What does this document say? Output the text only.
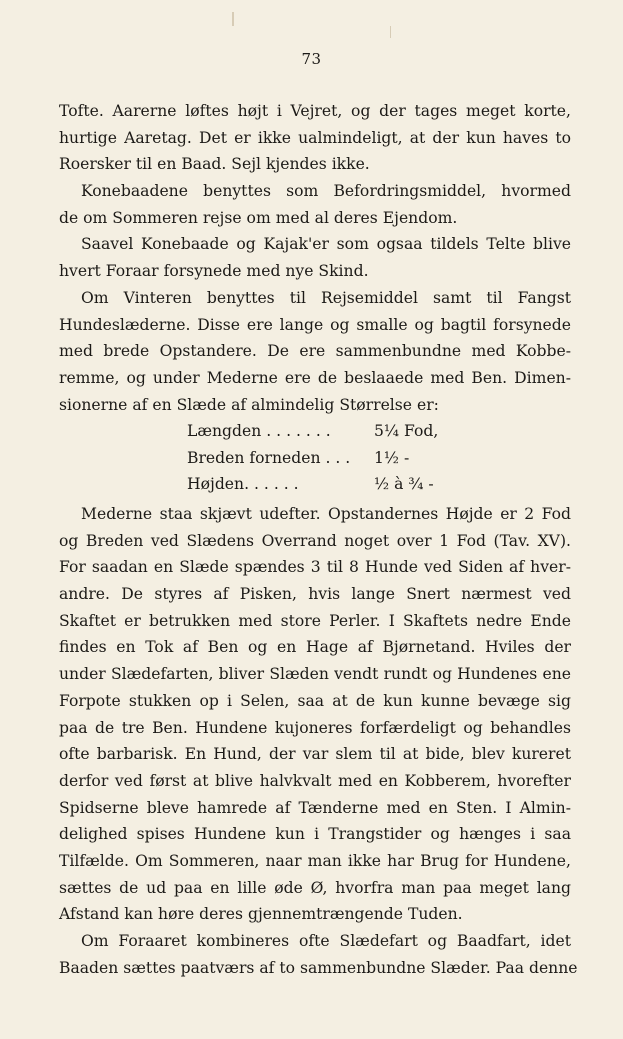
73
Tofte. Aarerne løftes højt i Vejret, og der tages meget korte,
hurtige Aaretag. Det er ikke ualmindeligt, at der kun haves to
Roersker til en Baad. Sejl kjendes ikke.
Konebaadene benyttes som Befordringsmiddel, hvormed
de om Sommeren rejse om med al deres Ejendom.
Saavel Konebaade og Kajak'er som ogsaa tildels Telte blive
hvert Foraar forsynede med nye Skind.
Om Vinteren benyttes til Rejsemiddel samt til Fangst
Hundeslæderne. Disse ere lange og smalle og bagtil forsynede
med brede Opstandere. De ere sammenbundne med Kobbe-
remme, og under Mederne ere de beslaaede med Ben. Dimen-
sionerne af en Slæde af almindelig Størrelse er:
Længden . . . . . . .	5¼ Fod,
Breden forneden . . . 1½ -
Højden. . . . . .	½ à ¾ -
Mederne staa skjævt udefter. Opstandernes Højde er 2 Fod
og Breden ved Slædens Overrand noget over 1 Fod (Tav. XV).
For saadan en Slæde spændes 3 til 8 Hunde ved Siden af hver-
andre. De styres af Pisken, hvis lange Snert nærmest ved
Skaftet er betrukken med store Perler. I Skaftets nedre Ende
findes en Tok af Ben og en Hage af Bjørnetand. Hviles der
under Slædefarten, bliver Slæden vendt rundt og Hundenes ene
Forpote stukken op i Selen, saa at de kun kunne bevæge sig
paa de tre Ben. Hundene kujoneres forfærdeligt og behandles
ofte barbarisk. En Hund, der var slem til at bide, blev kureret
derfor ved først at blive halvkvalt med en Kobberem, hvorefter
Spidserne bleve hamrede af Tænderne med en Sten. I Almin-
delighed spises Hundene kun i Trangstider og hænges i saa
Tilfælde. Om Sommeren, naar man ikke har Brug for Hundene,
sættes de ud paa en lille øde Ø, hvorfra man paa meget lang
Afstand kan høre deres gjennemtrængende Tuden.
Om Foraaret kombineres ofte Slædefart og Baadfart, idet
Baaden sættes paatværs af to sammenbundne Slæder. Paa denne
